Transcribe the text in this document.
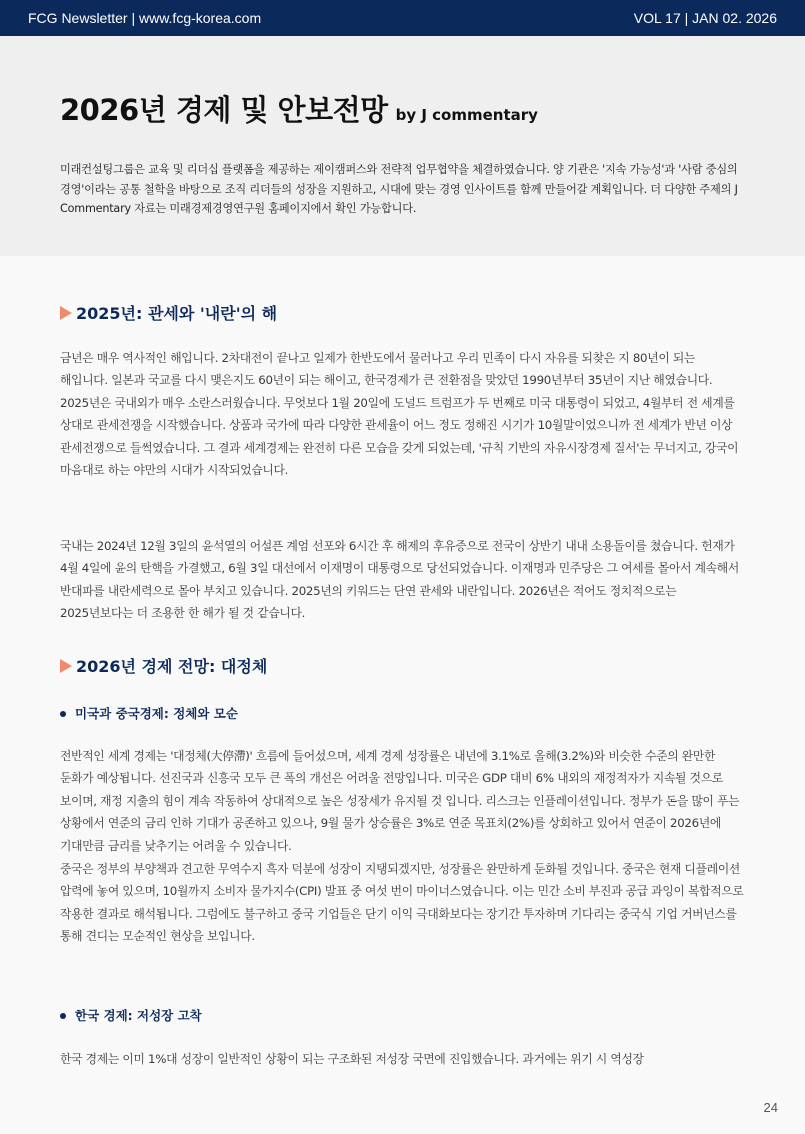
FCG Newsletter | www.fcg-korea.com	VOL 17 | JAN 02. 2026
2026년 경제 및 안보전망 by J commentary
미래컨설팅그룹은 교육 및 리더십 플랫폼을 제공하는 제이캠퍼스와 전략적 업무협약을 체결하였습니다. 양 기관은 '지속 가능성'과 '사람 중심의 경영'이라는 공통 철학을 바탕으로 조직 리더들의 성장을 지원하고, 시대에 맞는 경영 인사이트를 함께 만들어갈 계획입니다. 더 다양한 주제의 J Commentary 자료는 미래경제경영연구원 홈페이지에서 확인 가능합니다.
2025년: 관세와 '내란'의 해
금년은 매우 역사적인 해입니다. 2차대전이 끝나고 일제가 한반도에서 물러나고 우리 민족이 다시 자유를 되찾은 지 80년이 되는 해입니다. 일본과 국교를 다시 맺은지도 60년이 되는 해이고, 한국경제가 큰 전환점을 맞았던 1990년부터 35년이 지난 해였습니다. 2025년은 국내외가 매우 소란스러웠습니다. 무엇보다 1월 20일에 도널드 트럼프가 두 번째로 미국 대통령이 되었고, 4월부터 전 세계를 상대로 관세전쟁을 시작했습니다. 상품과 국가에 따라 다양한 관세율이 어느 정도 정해진 시기가 10월말이었으니까 전 세계가 반년 이상 관세전쟁으로 들썩였습니다. 그 결과 세계경제는 완전히 다른 모습을 갖게 되었는데, '규칙 기반의 자유시장경제 질서'는 무너지고, 강국이 마음대로 하는 야만의 시대가 시작되었습니다.
국내는 2024년 12월 3일의 윤석열의 어설픈 계엄 선포와 6시간 후 해제의 후유증으로 전국이 상반기 내내 소용돌이를 쳤습니다. 헌재가 4월 4일에 윤의 탄핵을 가결했고, 6월 3일 대선에서 이재명이 대통령으로 당선되었습니다. 이재명과 민주당은 그 여세를 몰아서 계속해서 반대파를 내란세력으로 몰아 부치고 있습니다. 2025년의 키워드는 단연 관세와 내란입니다. 2026년은 적어도 정치적으로는 2025년보다는 더 조용한 한 해가 될 것 같습니다.
2026년 경제 전망: 대정체
미국과 중국경제: 정체와 모순
전반적인 세계 경제는 '대정체(大停滯)' 흐름에 들어섰으며, 세계 경제 성장률은 내년에 3.1%로 올해(3.2%)와 비슷한 수준의 완만한 둔화가 예상됩니다. 선진국과 신흥국 모두 큰 폭의 개선은 어려울 전망입니다. 미국은 GDP 대비 6% 내외의 재정적자가 지속될 것으로 보이며, 재정 지출의 힘이 계속 작동하여 상대적으로 높은 성장세가 유지될 것 입니다. 리스크는 인플레이션입니다. 정부가 돈을 많이 푸는 상황에서 연준의 금리 인하 기대가 공존하고 있으나, 9월 물가 상승률은 3%로 연준 목표치(2%)를 상회하고 있어서 연준이 2026년에 기대만큼 금리를 낮추기는 어려울 수 있습니다.
중국은 정부의 부양책과 견고한 무역수지 흑자 덕분에 성장이 지탱되겠지만, 성장률은 완만하게 둔화될 것입니다. 중국은 현재 디플레이션 압력에 놓여 있으며, 10월까지 소비자 물가지수(CPI) 발표 중 여섯 번이 마이너스였습니다. 이는 민간 소비 부진과 공급 과잉이 복합적으로 작용한 결과로 해석됩니다. 그럼에도 불구하고 중국 기업들은 단기 이익 극대화보다는 장기간 투자하며 기다리는 중국식 기업 거버넌스를 통해 견디는 모순적인 현상을 보입니다.
한국 경제: 저성장 고착
한국 경제는 이미 1%대 성장이 일반적인 상황이 되는 구조화된 저성장 국면에 진입했습니다. 과거에는 위기 시 역성장
24
